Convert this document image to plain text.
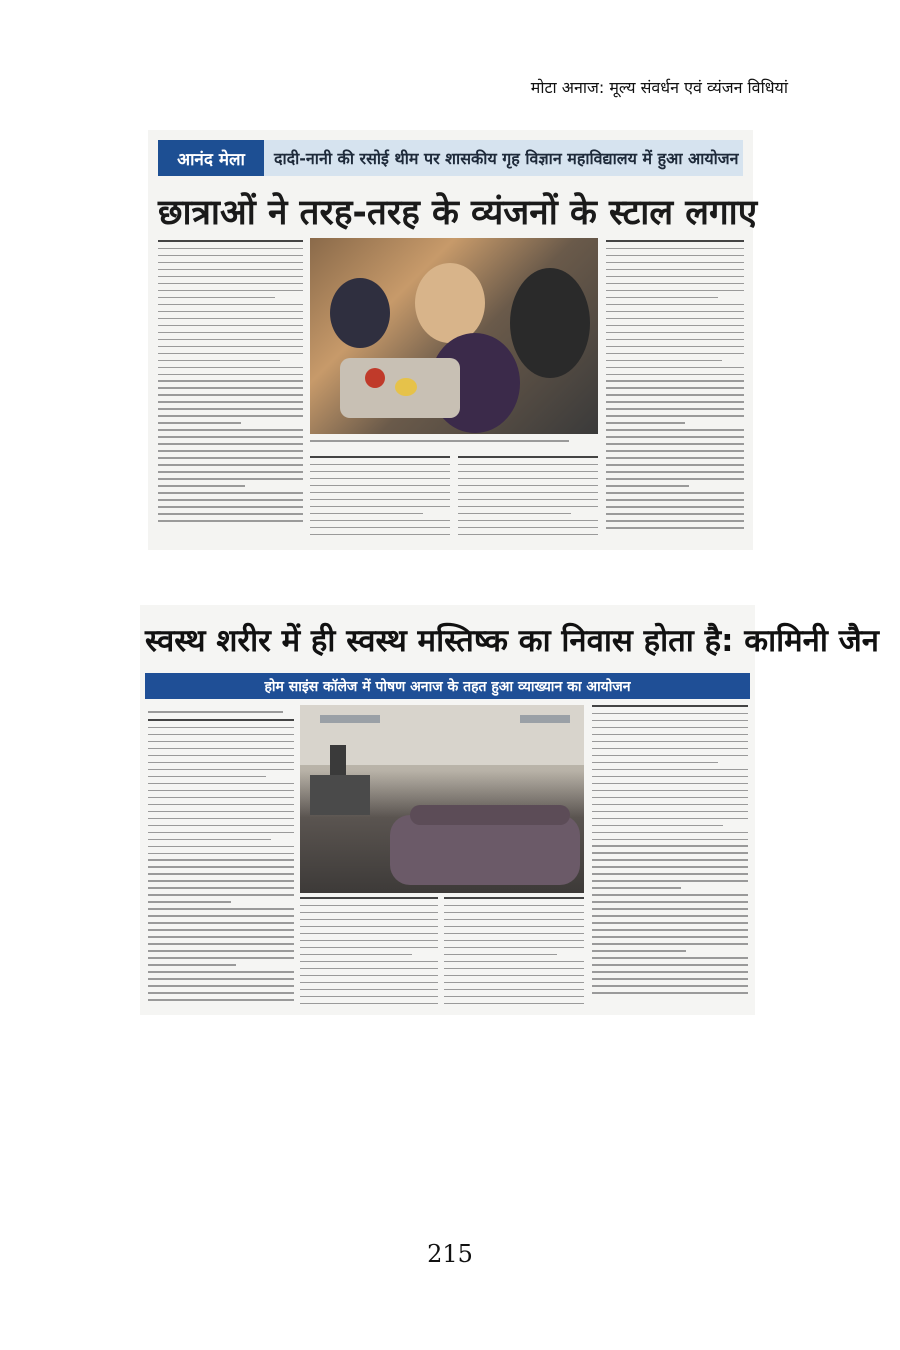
मोटा अनाज: मूल्य संवर्धन एवं व्यंजन विधियां
आनंद मेला	दादी-नानी की रसोई थीम पर शासकीय गृह विज्ञान महाविद्यालय में हुआ आयोजन
छात्राओं ने तरह-तरह के व्यंजनों के स्टाल लगाए
स्वस्थ शरीर में ही स्वस्थ मस्तिष्क का निवास होता है: कामिनी जैन
होम साइंस कॉलेज में पोषण अनाज के तहत हुआ व्याख्यान का आयोजन
215
